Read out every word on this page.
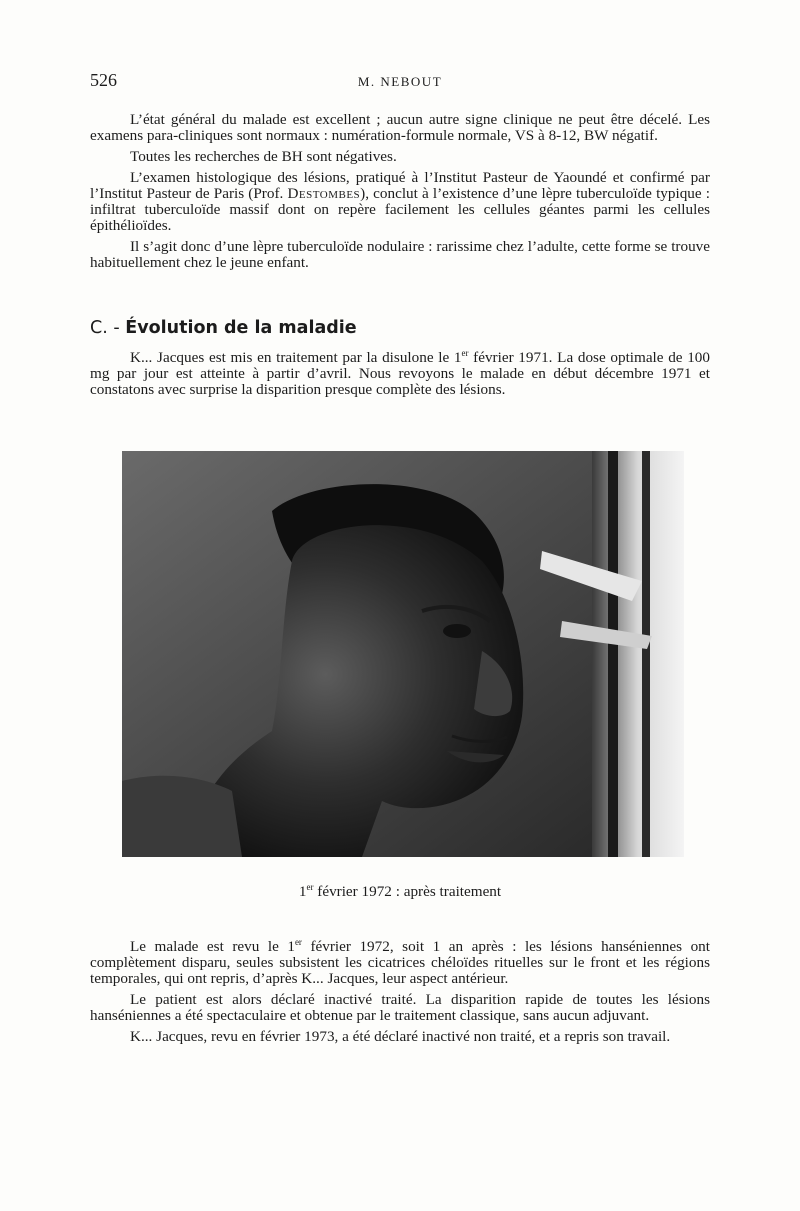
526	M. NEBOUT

L’état général du malade est excellent ; aucun autre signe clinique ne peut être décelé. Les examens para-cliniques sont normaux : numération-formule normale, VS à 8-12, BW négatif.

Toutes les recherches de BH sont négatives.

L’examen histologique des lésions, pratiqué à l’Institut Pasteur de Yaoundé et confirmé par l’Institut Pasteur de Paris (Prof. Destombes), conclut à l’existence d’une lèpre tuberculoïde typique : infiltrat tuberculoïde massif dont on repère facilement les cellules géantes parmi les cellules épithélioïdes.

Il s’agit donc d’une lèpre tuberculoïde nodulaire : rarissime chez l’adulte, cette forme se trouve habituellement chez le jeune enfant.

C. - Évolution de la maladie

K... Jacques est mis en traitement par la disulone le 1er février 1971. La dose optimale de 100 mg par jour est atteinte à partir d’avril. Nous revoyons le malade en début décembre 1971 et constatons avec surprise la disparition presque complète des lésions.

1er février 1972 : après traitement

Le malade est revu le 1er février 1972, soit 1 an après : les lésions hanséniennes ont complètement disparu, seules subsistent les cicatrices chéloïdes rituelles sur le front et les régions temporales, qui ont repris, d’après K... Jacques, leur aspect antérieur.

Le patient est alors déclaré inactivé traité. La disparition rapide de toutes les lésions hanséniennes a été spectaculaire et obtenue par le traitement classique, sans aucun adjuvant.

K... Jacques, revu en février 1973, a été déclaré inactivé non traité, et a repris son travail.
